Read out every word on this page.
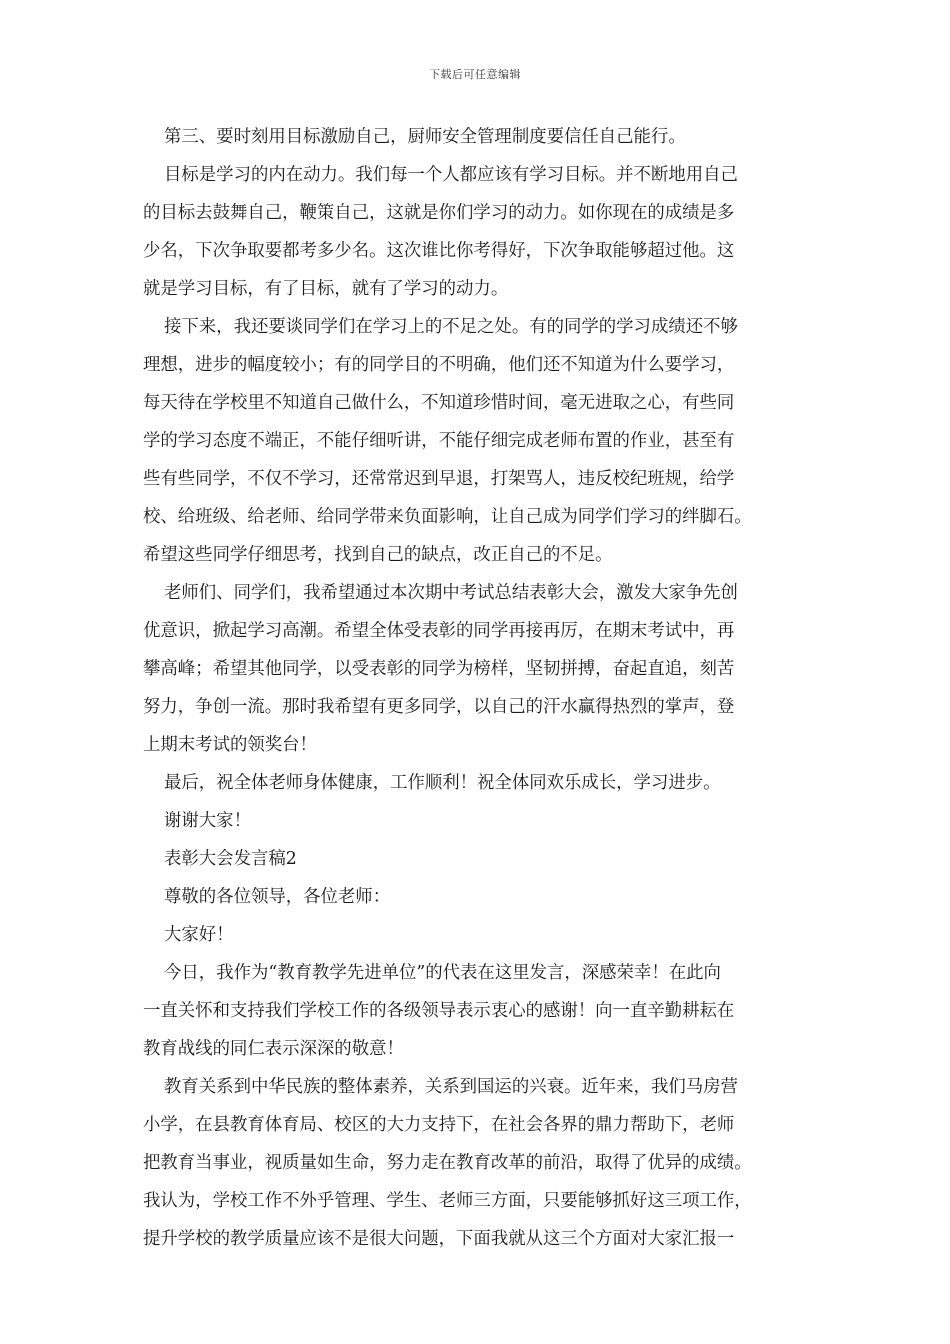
下载后可任意编辑
第三、要时刻用目标激励自己，厨师安全管理制度要信任自己能行。
目标是学习的内在动力。我们每一个人都应该有学习目标。并不断地用自己
的目标去鼓舞自己，鞭策自己，这就是你们学习的动力。如你现在的成绩是多
少名，下次争取要都考多少名。这次谁比你考得好，下次争取能够超过他。这
就是学习目标，有了目标，就有了学习的动力。
接下来，我还要谈同学们在学习上的不足之处。有的同学的学习成绩还不够
理想，进步的幅度较小；有的同学目的不明确，他们还不知道为什么要学习，
每天待在学校里不知道自己做什么，不知道珍惜时间，毫无进取之心，有些同
学的学习态度不端正，不能仔细听讲，不能仔细完成老师布置的作业，甚至有
些有些同学，不仅不学习，还常常迟到早退，打架骂人，违反校纪班规，给学
校、给班级、给老师、给同学带来负面影响，让自己成为同学们学习的绊脚石。
希望这些同学仔细思考，找到自己的缺点，改正自己的不足。
老师们、同学们，我希望通过本次期中考试总结表彰大会，激发大家争先创
优意识，掀起学习高潮。希望全体受表彰的同学再接再厉，在期末考试中，再
攀高峰；希望其他同学，以受表彰的同学为榜样，坚韧拼搏，奋起直追，刻苦
努力，争创一流。那时我希望有更多同学，以自己的汗水赢得热烈的掌声，登
上期末考试的领奖台！
最后，祝全体老师身体健康，工作顺利！祝全体同欢乐成长，学习进步。
谢谢大家！
表彰大会发言稿2
尊敬的各位领导，各位老师：
大家好！
今日，我作为“教育教学先进单位”的代表在这里发言，深感荣幸！在此向
一直关怀和支持我们学校工作的各级领导表示衷心的感谢！向一直辛勤耕耘在
教育战线的同仁表示深深的敬意！
教育关系到中华民族的整体素养，关系到国运的兴衰。近年来，我们马房营
小学，在县教育体育局、校区的大力支持下，在社会各界的鼎力帮助下，老师
把教育当事业，视质量如生命，努力走在教育改革的前沿，取得了优异的成绩。
我认为，学校工作不外乎管理、学生、老师三方面，只要能够抓好这三项工作，
提升学校的教学质量应该不是很大问题，下面我就从这三个方面对大家汇报一
